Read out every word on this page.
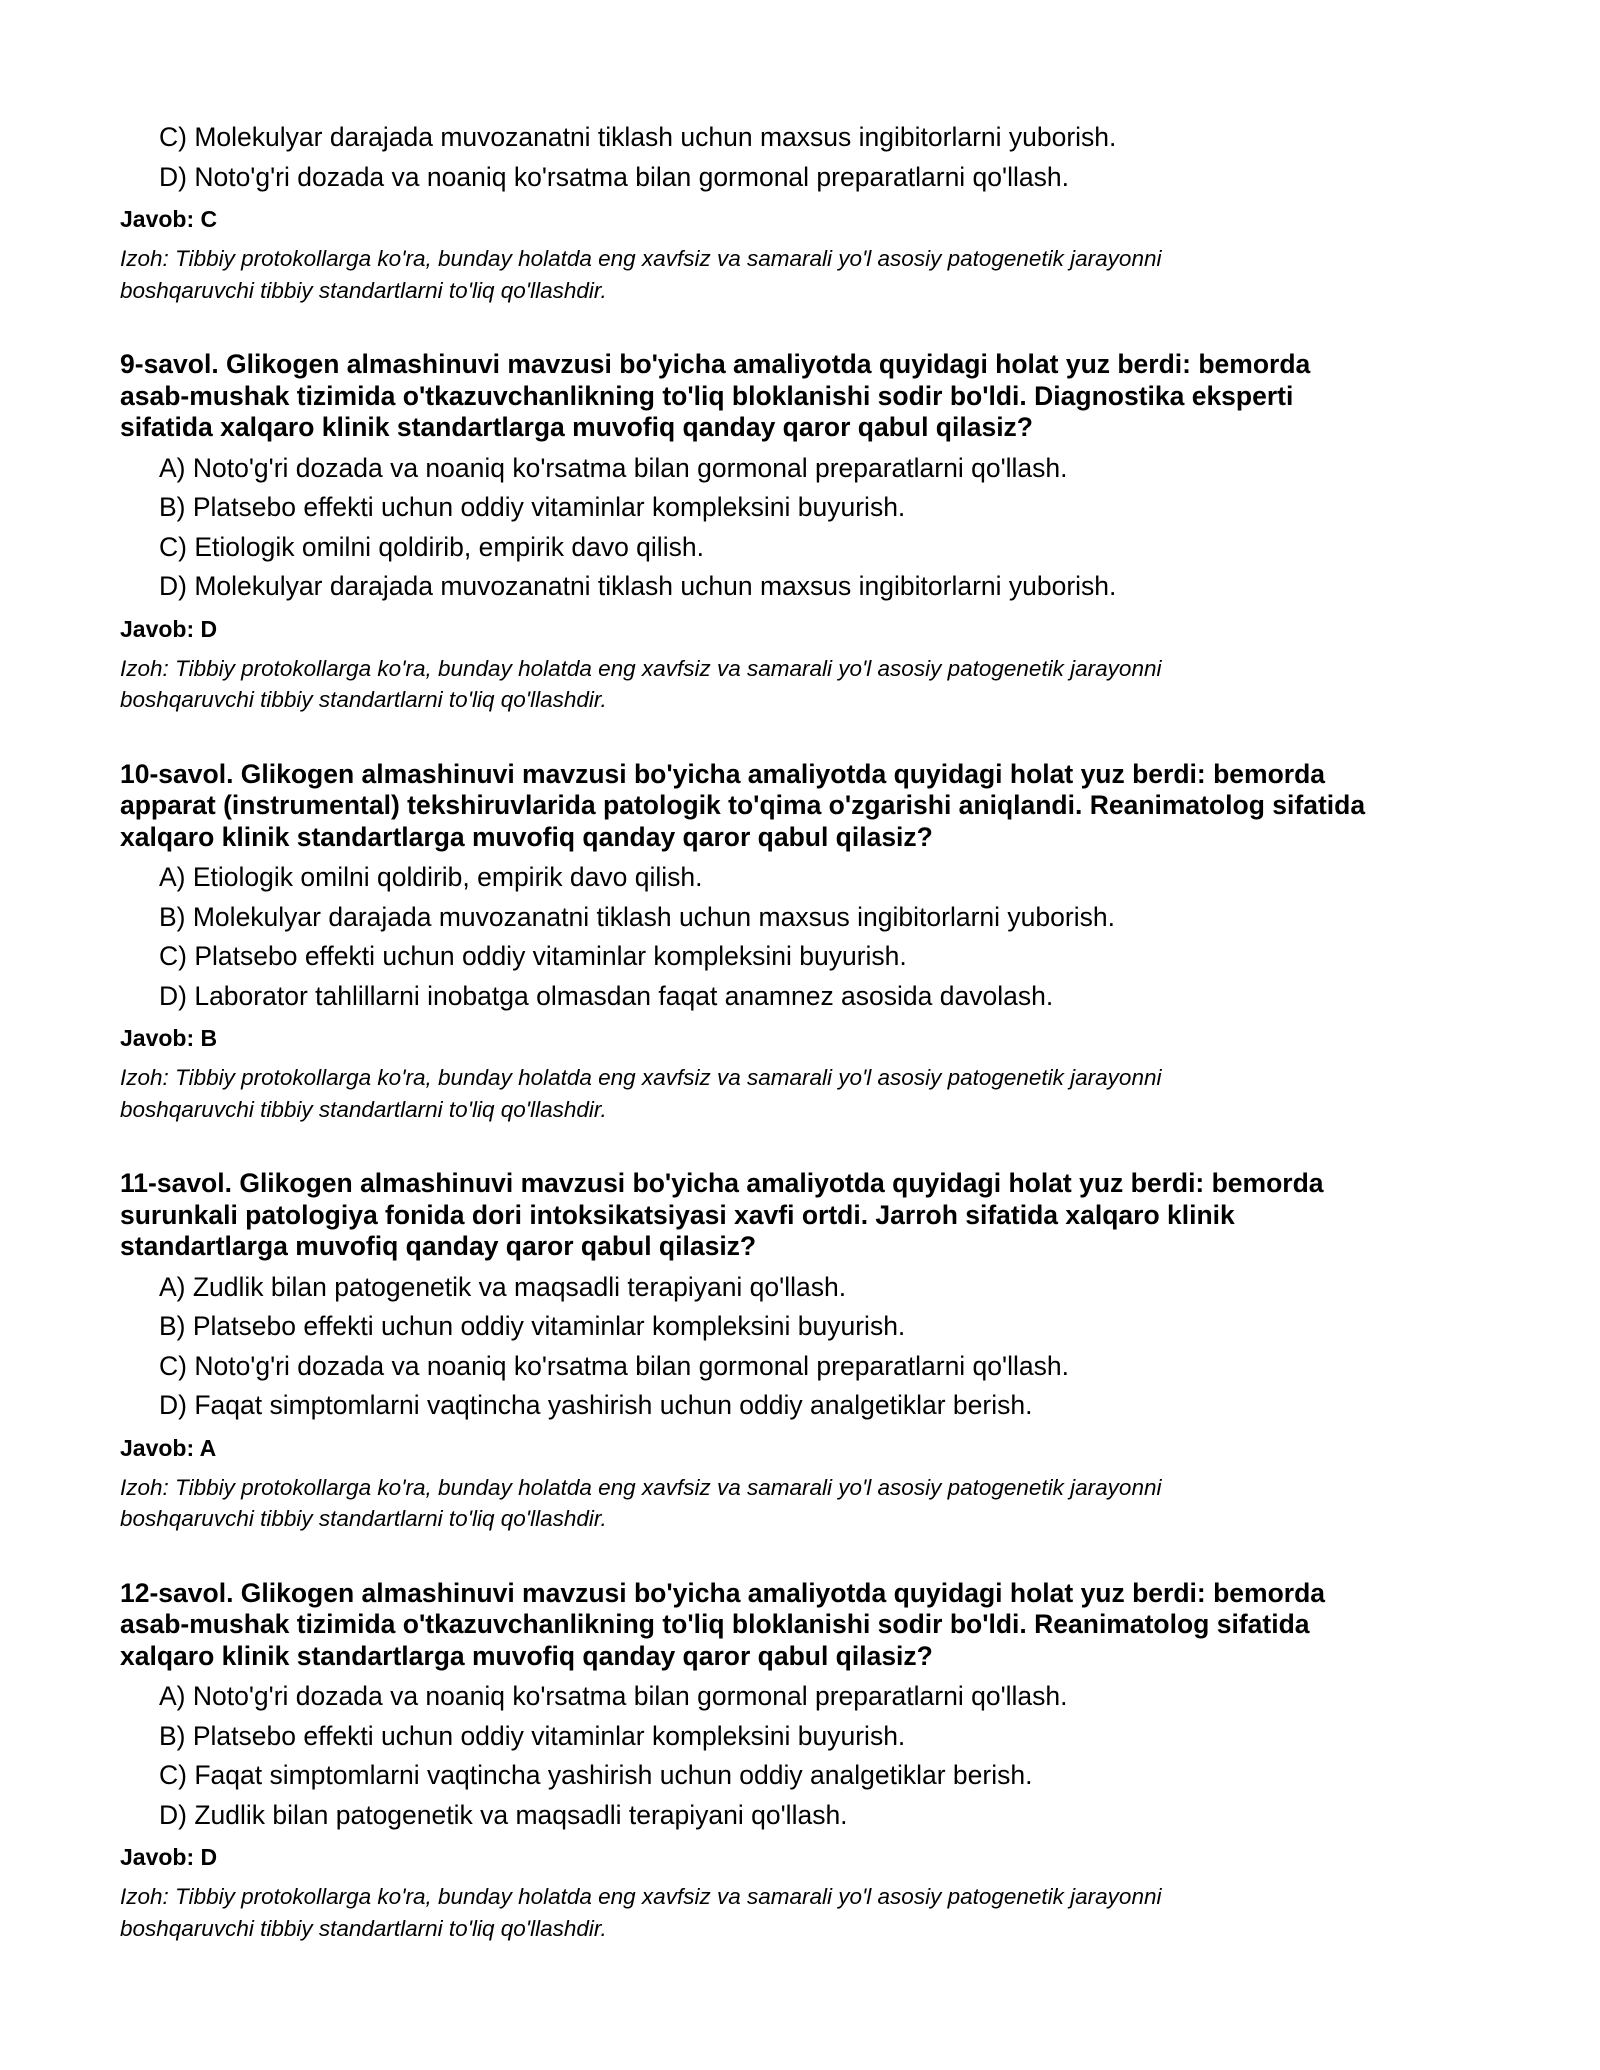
C) Molekulyar darajada muvozanatni tiklash uchun maxsus ingibitorlarni yuborish.
D) Noto'g'ri dozada va noaniq ko'rsatma bilan gormonal preparatlarni qo'llash.
Javob: C
Izoh: Tibbiy protokollarga ko'ra, bunday holatda eng xavfsiz va samarali yo'l asosiy patogenetik jarayonni
boshqaruvchi tibbiy standartlarni to'liq qo'llashdir.
9-savol. Glikogen almashinuvi mavzusi bo'yicha amaliyotda quyidagi holat yuz berdi: bemorda
asab-mushak tizimida o'tkazuvchanlikning to'liq bloklanishi sodir bo'ldi. Diagnostika eksperti
sifatida xalqaro klinik standartlarga muvofiq qanday qaror qabul qilasiz?
A) Noto'g'ri dozada va noaniq ko'rsatma bilan gormonal preparatlarni qo'llash.
B) Platsebo effekti uchun oddiy vitaminlar kompleksini buyurish.
C) Etiologik omilni qoldirib, empirik davo qilish.
D) Molekulyar darajada muvozanatni tiklash uchun maxsus ingibitorlarni yuborish.
Javob: D
Izoh: Tibbiy protokollarga ko'ra, bunday holatda eng xavfsiz va samarali yo'l asosiy patogenetik jarayonni
boshqaruvchi tibbiy standartlarni to'liq qo'llashdir.
10-savol. Glikogen almashinuvi mavzusi bo'yicha amaliyotda quyidagi holat yuz berdi: bemorda
apparat (instrumental) tekshiruvlarida patologik to'qima o'zgarishi aniqlandi. Reanimatolog sifatida
xalqaro klinik standartlarga muvofiq qanday qaror qabul qilasiz?
A) Etiologik omilni qoldirib, empirik davo qilish.
B) Molekulyar darajada muvozanatni tiklash uchun maxsus ingibitorlarni yuborish.
C) Platsebo effekti uchun oddiy vitaminlar kompleksini buyurish.
D) Laborator tahlillarni inobatga olmasdan faqat anamnez asosida davolash.
Javob: B
Izoh: Tibbiy protokollarga ko'ra, bunday holatda eng xavfsiz va samarali yo'l asosiy patogenetik jarayonni
boshqaruvchi tibbiy standartlarni to'liq qo'llashdir.
11-savol. Glikogen almashinuvi mavzusi bo'yicha amaliyotda quyidagi holat yuz berdi: bemorda
surunkali patologiya fonida dori intoksikatsiyasi xavfi ortdi. Jarroh sifatida xalqaro klinik
standartlarga muvofiq qanday qaror qabul qilasiz?
A) Zudlik bilan patogenetik va maqsadli terapiyani qo'llash.
B) Platsebo effekti uchun oddiy vitaminlar kompleksini buyurish.
C) Noto'g'ri dozada va noaniq ko'rsatma bilan gormonal preparatlarni qo'llash.
D) Faqat simptomlarni vaqtincha yashirish uchun oddiy analgetiklar berish.
Javob: A
Izoh: Tibbiy protokollarga ko'ra, bunday holatda eng xavfsiz va samarali yo'l asosiy patogenetik jarayonni
boshqaruvchi tibbiy standartlarni to'liq qo'llashdir.
12-savol. Glikogen almashinuvi mavzusi bo'yicha amaliyotda quyidagi holat yuz berdi: bemorda
asab-mushak tizimida o'tkazuvchanlikning to'liq bloklanishi sodir bo'ldi. Reanimatolog sifatida
xalqaro klinik standartlarga muvofiq qanday qaror qabul qilasiz?
A) Noto'g'ri dozada va noaniq ko'rsatma bilan gormonal preparatlarni qo'llash.
B) Platsebo effekti uchun oddiy vitaminlar kompleksini buyurish.
C) Faqat simptomlarni vaqtincha yashirish uchun oddiy analgetiklar berish.
D) Zudlik bilan patogenetik va maqsadli terapiyani qo'llash.
Javob: D
Izoh: Tibbiy protokollarga ko'ra, bunday holatda eng xavfsiz va samarali yo'l asosiy patogenetik jarayonni
boshqaruvchi tibbiy standartlarni to'liq qo'llashdir.
